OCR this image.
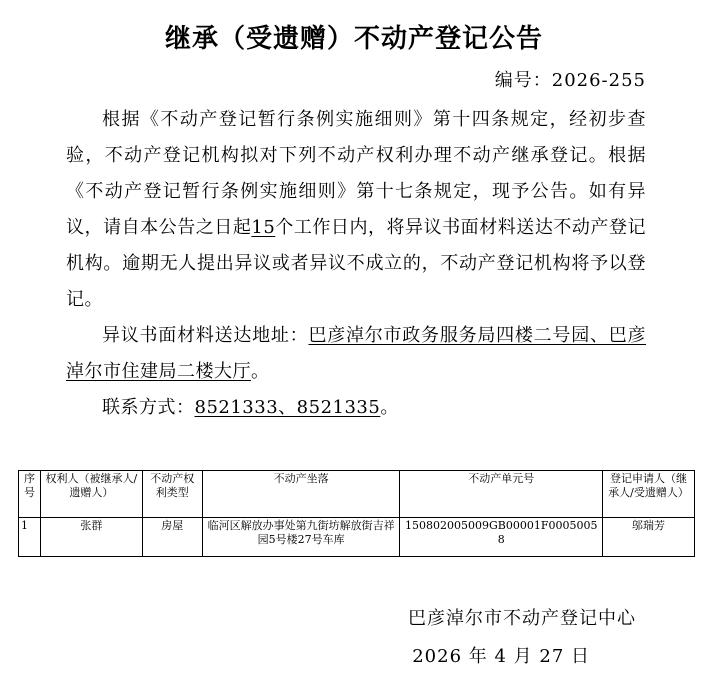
继承（受遗赠）不动产登记公告
编号：2026-255

根据《不动产登记暂行条例实施细则》第十四条规定，经初步查验，不动产登记机构拟对下列不动产权利办理不动产继承登记。根据《不动产登记暂行条例实施细则》第十七条规定，现予公告。如有异议，请自本公告之日起15个工作日内，将异议书面材料送达不动产登记机构。逾期无人提出异议或者异议不成立的，不动产登记机构将予以登记。

异议书面材料送达地址：巴彦淖尔市政务服务局四楼二号园、巴彦淖尔市住建局二楼大厅。

联系方式：8521333、8521335。

序号	权利人（被继承人/遗赠人）	不动产权利类型	不动产坐落	不动产单元号	登记申请人（继承人/受遗赠人）
1	张群	房屋	临河区解放办事处第九街坊解放街吉祥园5号楼27号车库	150802005009GB00001F00050058	邬瑞芳
巴彦淖尔市不动产登记中心
2026 年 4 月 27 日
